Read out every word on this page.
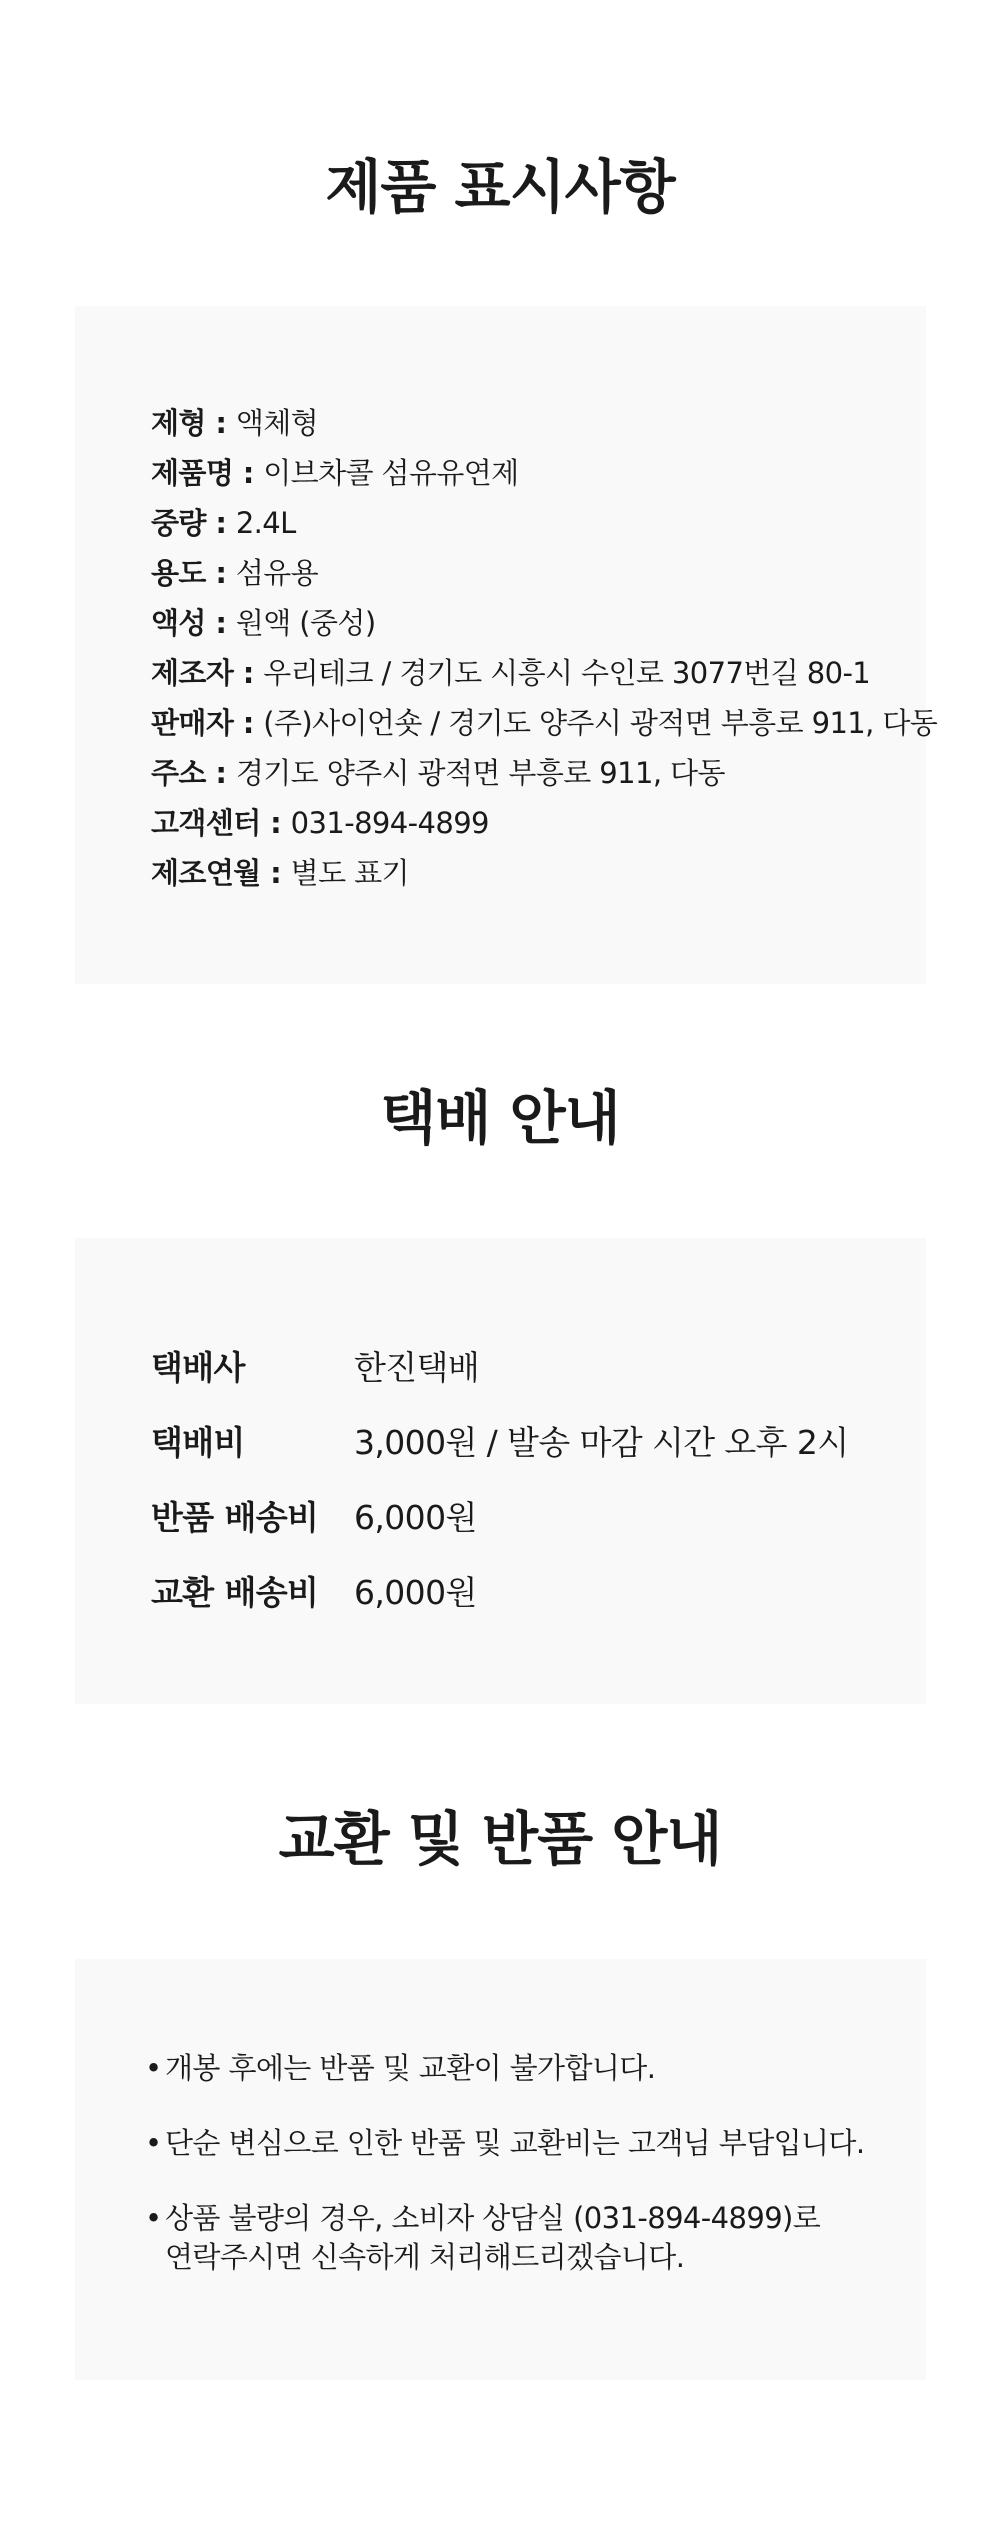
제품 표시사항
제형 : 액체형
제품명 : 이브차콜 섬유유연제
중량 : 2.4L
용도 : 섬유용
액성 : 원액 (중성)
제조자 : 우리테크 / 경기도 시흥시 수인로 3077번길 80-1
판매자 : (주)사이언숏 / 경기도 양주시 광적면 부흥로 911, 다동
주소 : 경기도 양주시 광적면 부흥로 911, 다동
고객센터 : 031-894-4899
제조연월 : 별도 표기
택배 안내
택배사	한진택배
택배비	3,000원 / 발송 마감 시간 오후 2시
반품 배송비	6,000원
교환 배송비	6,000원
교환 및 반품 안내
• 개봉 후에는 반품 및 교환이 불가합니다.
• 단순 변심으로 인한 반품 및 교환비는 고객님 부담입니다.
• 상품 불량의 경우, 소비자 상담실 (031-894-4899)로
연락주시면 신속하게 처리해드리겠습니다.
